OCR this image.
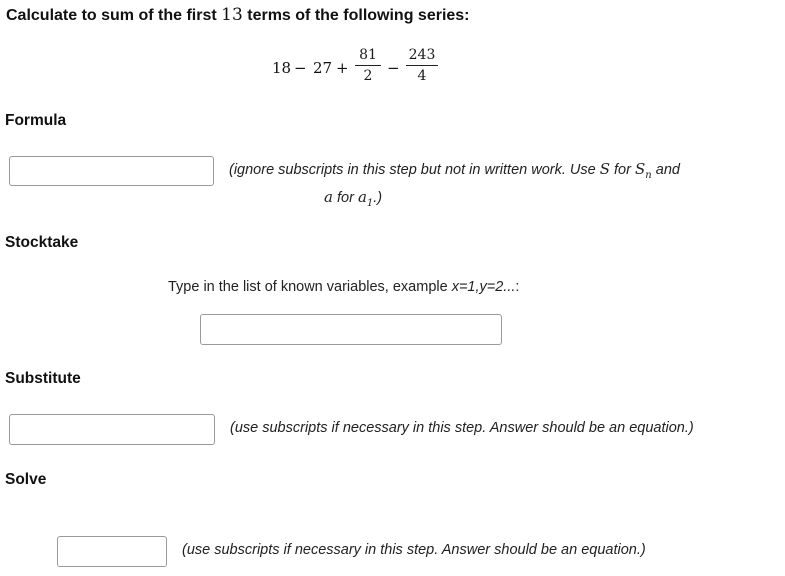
Calculate to sum of the first 13 terms of the following series:
18 − 27 +
81
2 −
243
4
Formula
(ignore subscripts in this step but not in written work. Use S for $S_n$ and
a for $a_1$.)
Stocktake
Type in the list of known variables, example x=1,y=2...:
Substitute
(use subscripts if necessary in this step. Answer should be an equation.)
Solve
(use subscripts if necessary in this step. Answer should be an equation.)
